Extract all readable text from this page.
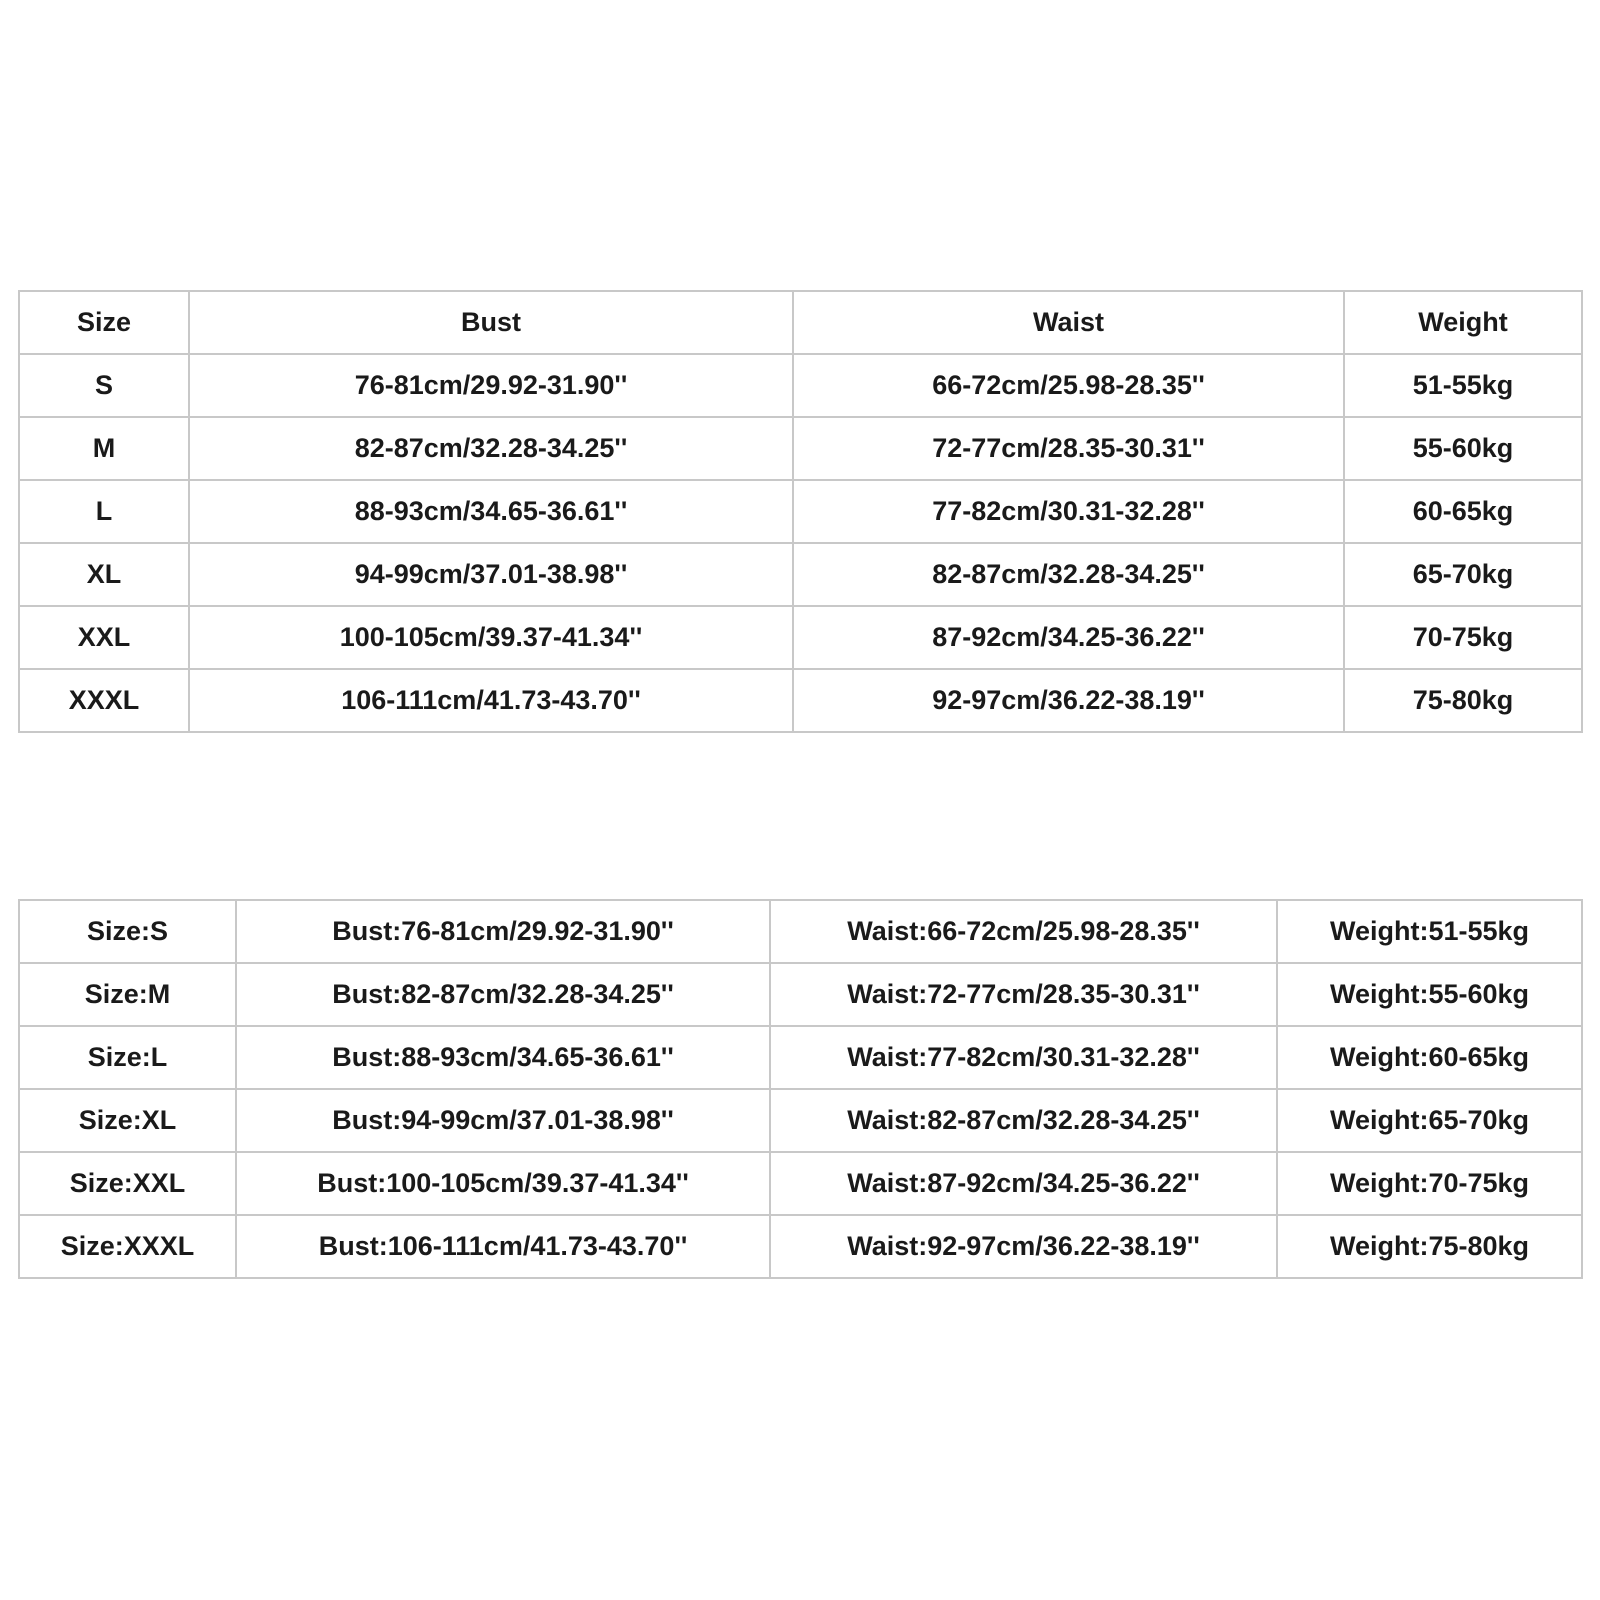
Size	Bust	Waist	Weight
S	76-81cm/29.92-31.90''	66-72cm/25.98-28.35''	51-55kg
M	82-87cm/32.28-34.25''	72-77cm/28.35-30.31''	55-60kg
L	88-93cm/34.65-36.61''	77-82cm/30.31-32.28''	60-65kg
XL	94-99cm/37.01-38.98''	82-87cm/32.28-34.25''	65-70kg
XXL	100-105cm/39.37-41.34''	87-92cm/34.25-36.22''	70-75kg
XXXL	106-111cm/41.73-43.70''	92-97cm/36.22-38.19''	75-80kg
Size:S	Bust:76-81cm/29.92-31.90''	Waist:66-72cm/25.98-28.35''	Weight:51-55kg
Size:M	Bust:82-87cm/32.28-34.25''	Waist:72-77cm/28.35-30.31''	Weight:55-60kg
Size:L	Bust:88-93cm/34.65-36.61''	Waist:77-82cm/30.31-32.28''	Weight:60-65kg
Size:XL	Bust:94-99cm/37.01-38.98''	Waist:82-87cm/32.28-34.25''	Weight:65-70kg
Size:XXL	Bust:100-105cm/39.37-41.34''	Waist:87-92cm/34.25-36.22''	Weight:70-75kg
Size:XXXL	Bust:106-111cm/41.73-43.70''	Waist:92-97cm/36.22-38.19''	Weight:75-80kg
